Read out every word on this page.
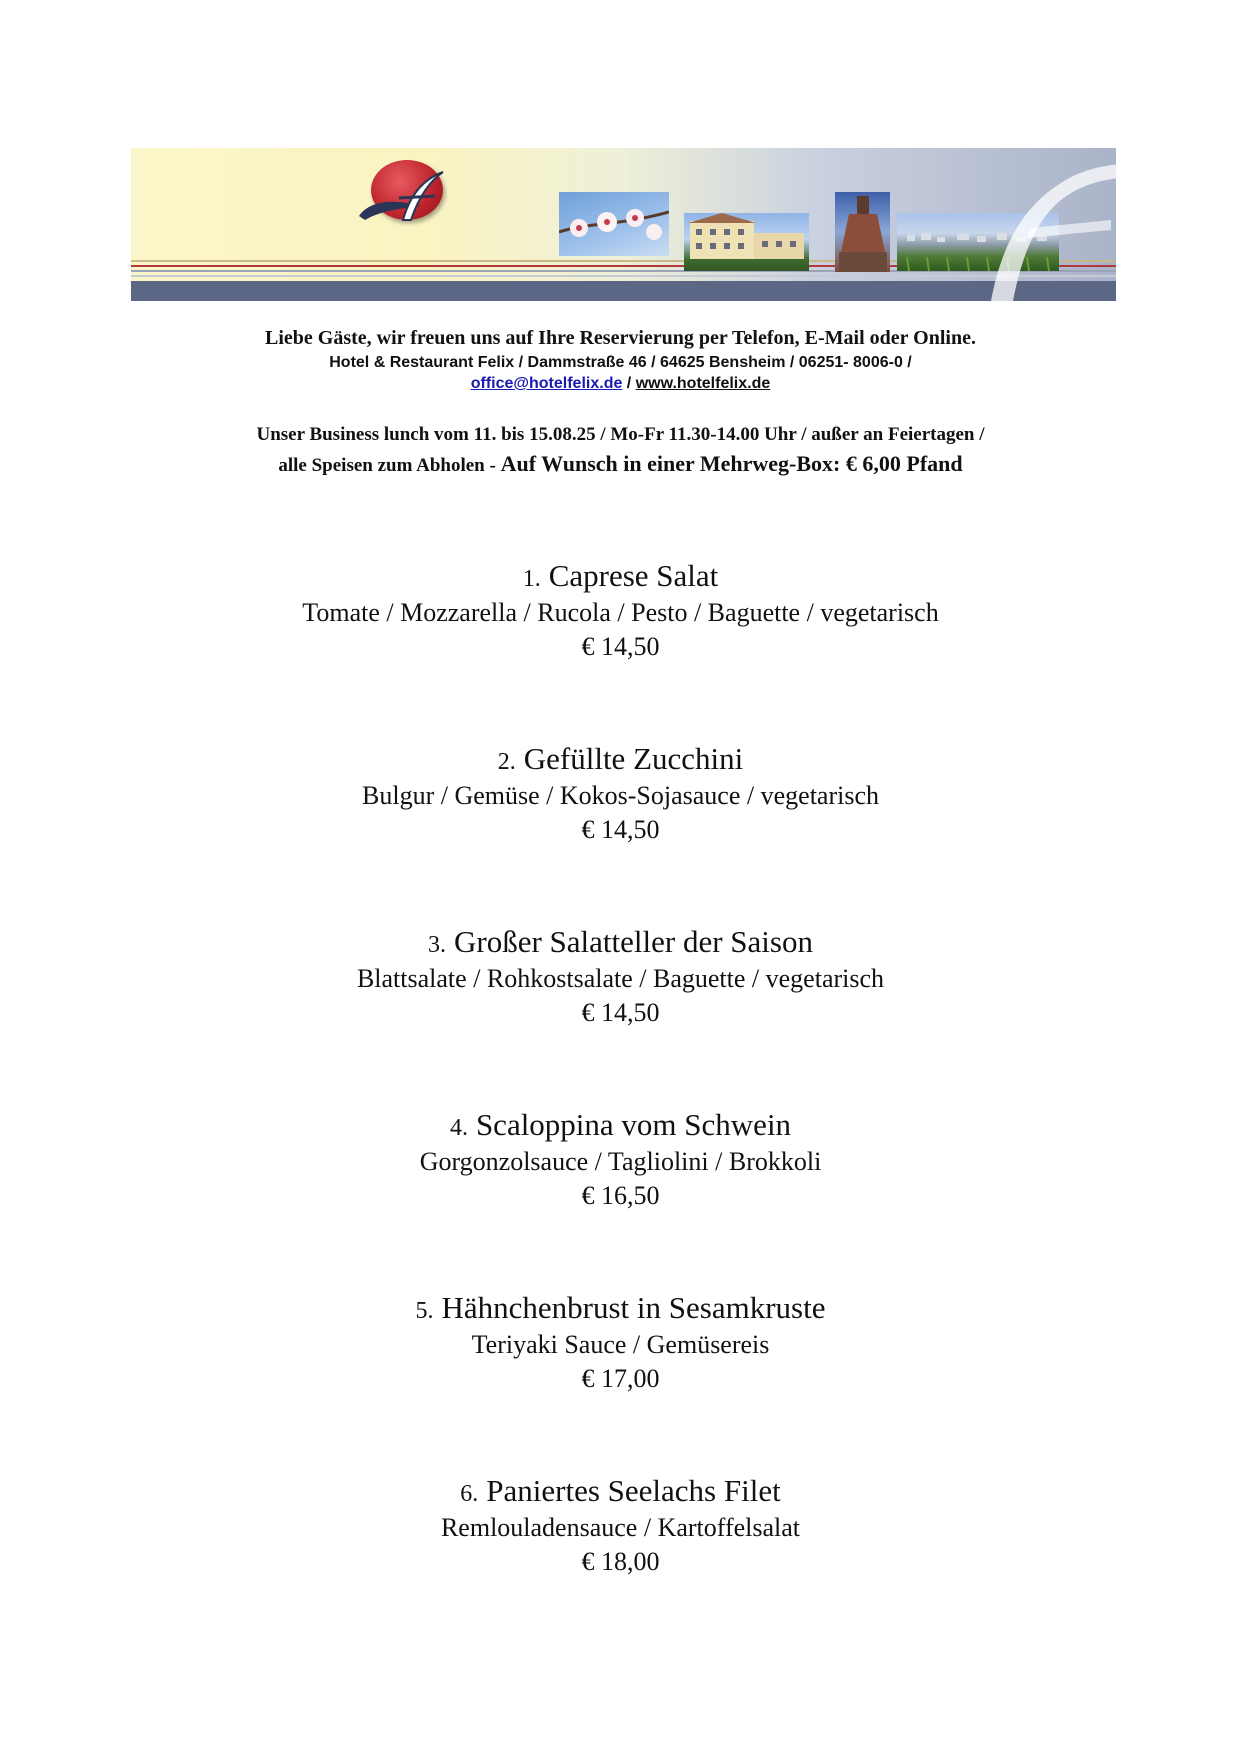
Liebe Gäste, wir freuen uns auf Ihre Reservierung per Telefon, E-Mail oder Online.
Hotel & Restaurant Felix / Dammstraße 46 / 64625 Bensheim / 06251- 8006-0 /
office@hotelfelix.de / www.hotelfelix.de
Unser Business lunch vom 11. bis 15.08.25 / Mo-Fr 11.30-14.00 Uhr / außer an Feiertagen /
alle Speisen zum Abholen - Auf Wunsch in einer Mehrweg-Box: € 6,00 Pfand
1. Caprese Salat
Tomate / Mozzarella / Rucola / Pesto / Baguette / vegetarisch
€ 14,50
2. Gefüllte Zucchini
Bulgur / Gemüse / Kokos-Sojasauce / vegetarisch
€ 14,50
3. Großer Salatteller der Saison
Blattsalate / Rohkostsalate / Baguette / vegetarisch
€ 14,50
4. Scaloppina vom Schwein
Gorgonzolsauce / Tagliolini / Brokkoli
€ 16,50
5. Hähnchenbrust in Sesamkruste
Teriyaki Sauce / Gemüsereis
€ 17,00
6. Paniertes Seelachs Filet
Remlouladensauce / Kartoffelsalat
€ 18,00
